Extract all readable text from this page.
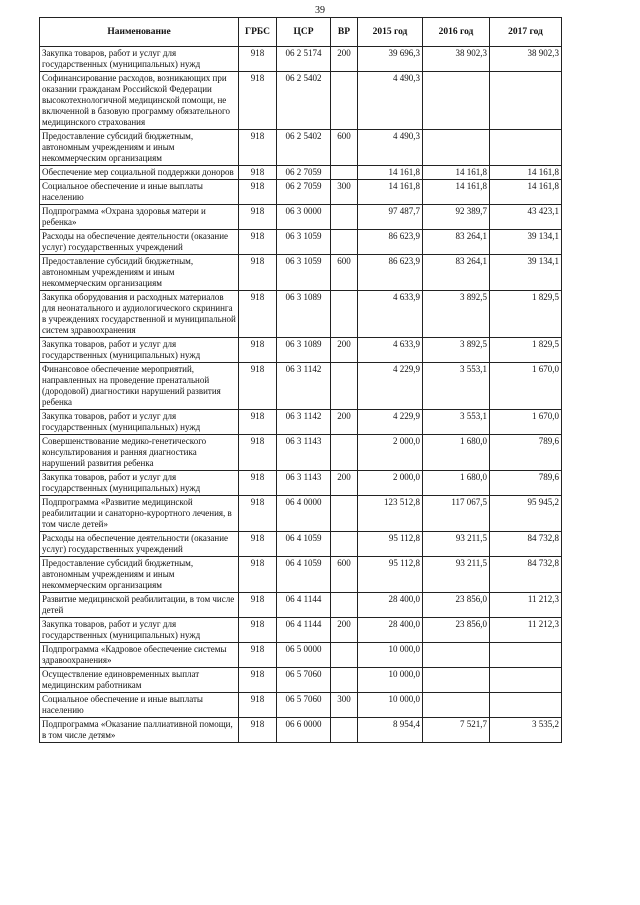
39
Наименование	ГРБС	ЦСР	ВР	2015 год	2016 год	2017 год
Закупка товаров, работ и услуг для государственных (муниципальных) нужд	918	06 2 5174	200	39 696,3	38 902,3	38 902,3
Софинансирование расходов, возникающих при оказании гражданам Российской Федерации высокотехнологичной медицинской помощи, не включенной в базовую программу обязательного медицинского страхования	918	06 2 5402		4 490,3		
Предоставление субсидий бюджетным, автономным учреждениям и иным некоммерческим организациям	918	06 2 5402	600	4 490,3		
Обеспечение мер социальной поддержки доноров	918	06 2 7059		14 161,8	14 161,8	14 161,8
Социальное обеспечение и иные выплаты населению	918	06 2 7059	300	14 161,8	14 161,8	14 161,8
Подпрограмма «Охрана здоровья матери и ребенка»	918	06 3 0000		97 487,7	92 389,7	43 423,1
Расходы на обеспечение деятельности (оказание услуг) государственных учреждений	918	06 3 1059		86 623,9	83 264,1	39 134,1
Предоставление субсидий бюджетным, автономным учреждениям и иным некоммерческим организациям	918	06 3 1059	600	86 623,9	83 264,1	39 134,1
Закупка оборудования и расходных материалов для неонатального и аудиологического скрининга в учреждениях государственной и муниципальной систем здравоохранения	918	06 3 1089		4 633,9	3 892,5	1 829,5
Закупка товаров, работ и услуг для государственных (муниципальных) нужд	918	06 3 1089	200	4 633,9	3 892,5	1 829,5
Финансовое обеспечение мероприятий, направленных на проведение пренатальной (дородовой) диагностики нарушений развития ребенка	918	06 3 1142		4 229,9	3 553,1	1 670,0
Закупка товаров, работ и услуг для государственных (муниципальных) нужд	918	06 3 1142	200	4 229,9	3 553,1	1 670,0
Совершенствование медико-генетического консультирования и ранняя диагностика нарушений развития ребенка	918	06 3 1143		2 000,0	1 680,0	789,6
Закупка товаров, работ и услуг для государственных (муниципальных) нужд	918	06 3 1143	200	2 000,0	1 680,0	789,6
Подпрограмма «Развитие медицинской реабилитации и санаторно-курортного лечения, в том числе детей»	918	06 4 0000		123 512,8	117 067,5	95 945,2
Расходы на обеспечение деятельности (оказание услуг) государственных учреждений	918	06 4 1059		95 112,8	93 211,5	84 732,8
Предоставление субсидий бюджетным, автономным учреждениям и иным некоммерческим организациям	918	06 4 1059	600	95 112,8	93 211,5	84 732,8
Развитие медицинской реабилитации, в том числе детей	918	06 4 1144		28 400,0	23 856,0	11 212,3
Закупка товаров, работ и услуг для государственных (муниципальных) нужд	918	06 4 1144	200	28 400,0	23 856,0	11 212,3
Подпрограмма «Кадровое обеспечение системы здравоохранения»	918	06 5 0000		10 000,0		
Осуществление единовременных выплат медицинским работникам	918	06 5 7060		10 000,0		
Социальное обеспечение и иные выплаты населению	918	06 5 7060	300	10 000,0		
Подпрограмма «Оказание паллиативной помощи, в том числе детям»	918	06 6 0000		8 954,4	7 521,7	3 535,2
